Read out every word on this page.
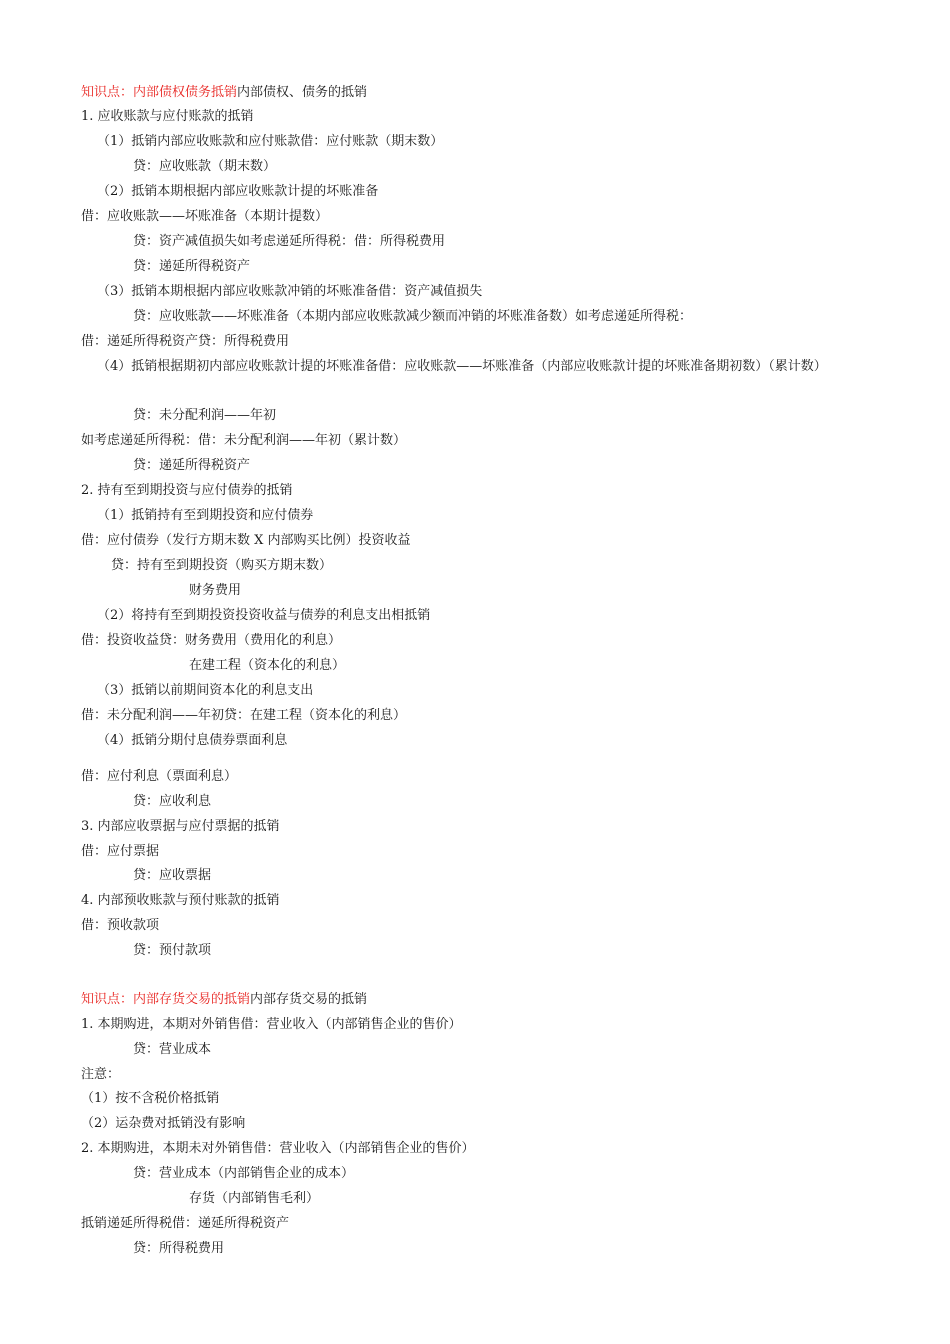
知识点：内部债权债务抵销内部债权、债务的抵销
1. 应收账款与应付账款的抵销
（1）抵销内部应收账款和应付账款借：应付账款（期末数）
贷：应收账款（期末数）
（2）抵销本期根据内部应收账款计提的坏账准备
借：应收账款——坏账准备（本期计提数）
贷：资产减值损失如考虑递延所得税：借：所得税费用
贷：递延所得税资产
（3）抵销本期根据内部应收账款冲销的坏账准备借：资产减值损失
贷：应收账款——坏账准备（本期内部应收账款减少额而冲销的坏账准备数）如考虑递延所得税：
借：递延所得税资产贷：所得税费用
（4）抵销根据期初内部应收账款计提的坏账准备借：应收账款——坏账准备（内部应收账款计提的坏账准备期初数）（累计数）
贷：未分配利润——年初
如考虑递延所得税：借：未分配利润——年初（累计数）
贷：递延所得税资产
2. 持有至到期投资与应付债券的抵销
（1）抵销持有至到期投资和应付债券
借：应付债券（发行方期末数 X 内部购买比例）投资收益
贷：持有至到期投资（购买方期末数）
财务费用
（2）将持有至到期投资投资收益与债券的利息支出相抵销
借：投资收益贷：财务费用（费用化的利息）
在建工程（资本化的利息）
（3）抵销以前期间资本化的利息支出
借：未分配利润——年初贷：在建工程（资本化的利息）
（4）抵销分期付息债券票面利息
借：应付利息（票面利息）
贷：应收利息
3. 内部应收票据与应付票据的抵销
借：应付票据
贷：应收票据
4. 内部预收账款与预付账款的抵销
借：预收款项
贷：预付款项
知识点：内部存货交易的抵销内部存货交易的抵销
1. 本期购进，本期对外销售借：营业收入（内部销售企业的售价）
贷：营业成本
注意：
（1）按不含税价格抵销
（2）运杂费对抵销没有影响
2. 本期购进，本期未对外销售借：营业收入（内部销售企业的售价）
贷：营业成本（内部销售企业的成本）
存货（内部销售毛利）
抵销递延所得税借：递延所得税资产
贷：所得税费用
